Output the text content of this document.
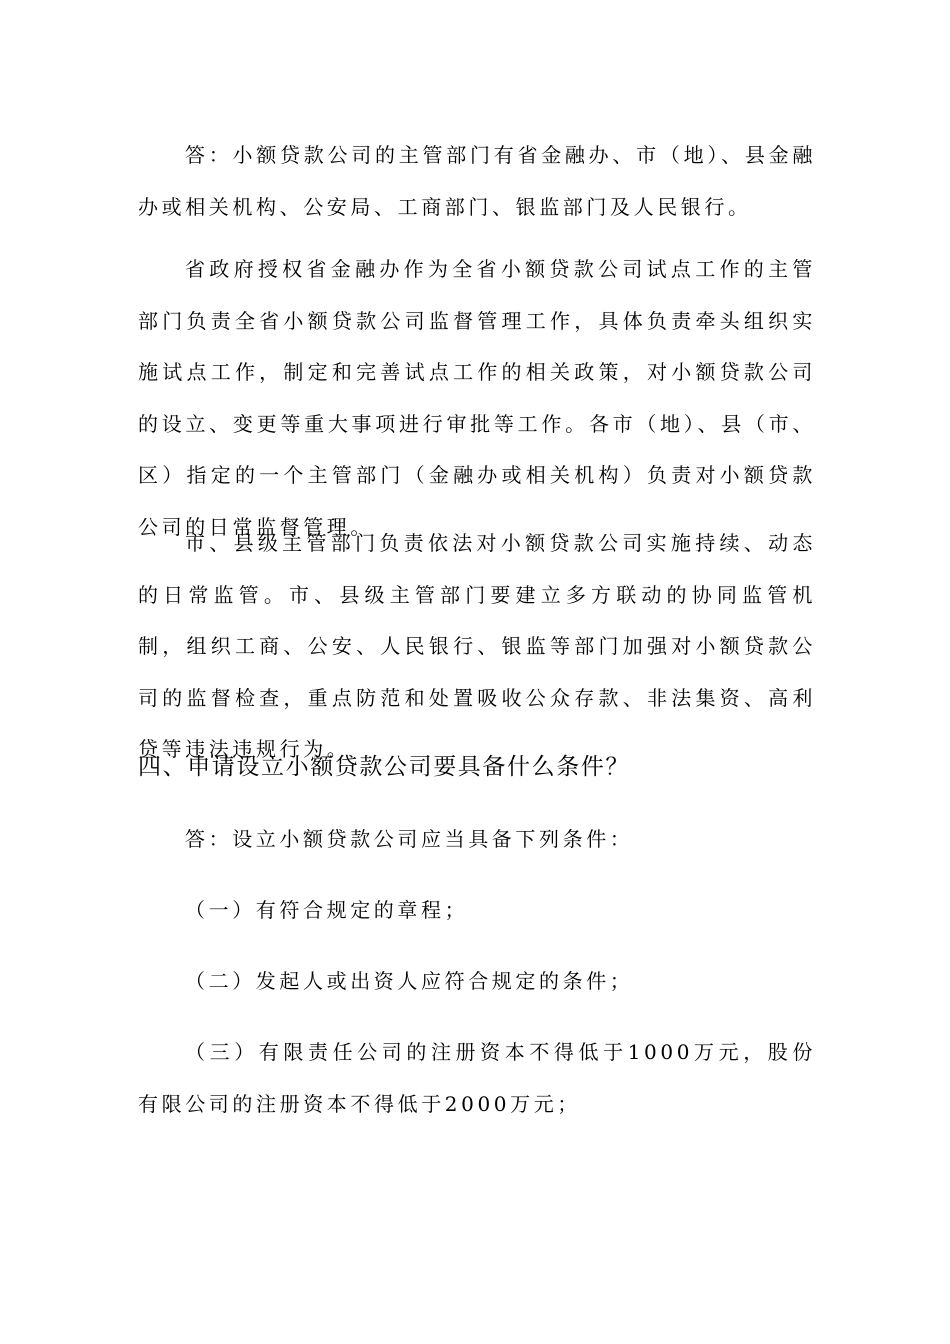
答：小额贷款公司的主管部门有省金融办、市（地）、县金融办或相关机构、公安局、工商部门、银监部门及人民银行。

省政府授权省金融办作为全省小额贷款公司试点工作的主管部门负责全省小额贷款公司监督管理工作，具体负责牵头组织实施试点工作，制定和完善试点工作的相关政策，对小额贷款公司的设立、变更等重大事项进行审批等工作。各市（地）、县（市、区）指定的一个主管部门（金融办或相关机构）负责对小额贷款公司的日常监督管理。

市、县级主管部门负责依法对小额贷款公司实施持续、动态的日常监管。市、县级主管部门要建立多方联动的协同监管机制，组织工商、公安、人民银行、银监等部门加强对小额贷款公司的监督检查，重点防范和处置吸收公众存款、非法集资、高利贷等违法违规行为。

四、申请设立小额贷款公司要具备什么条件？

答：设立小额贷款公司应当具备下列条件：

（一）有符合规定的章程；

（二）发起人或出资人应符合规定的条件；

（三）有限责任公司的注册资本不得低于1000万元，股份有限公司的注册资本不得低于2000万元；
